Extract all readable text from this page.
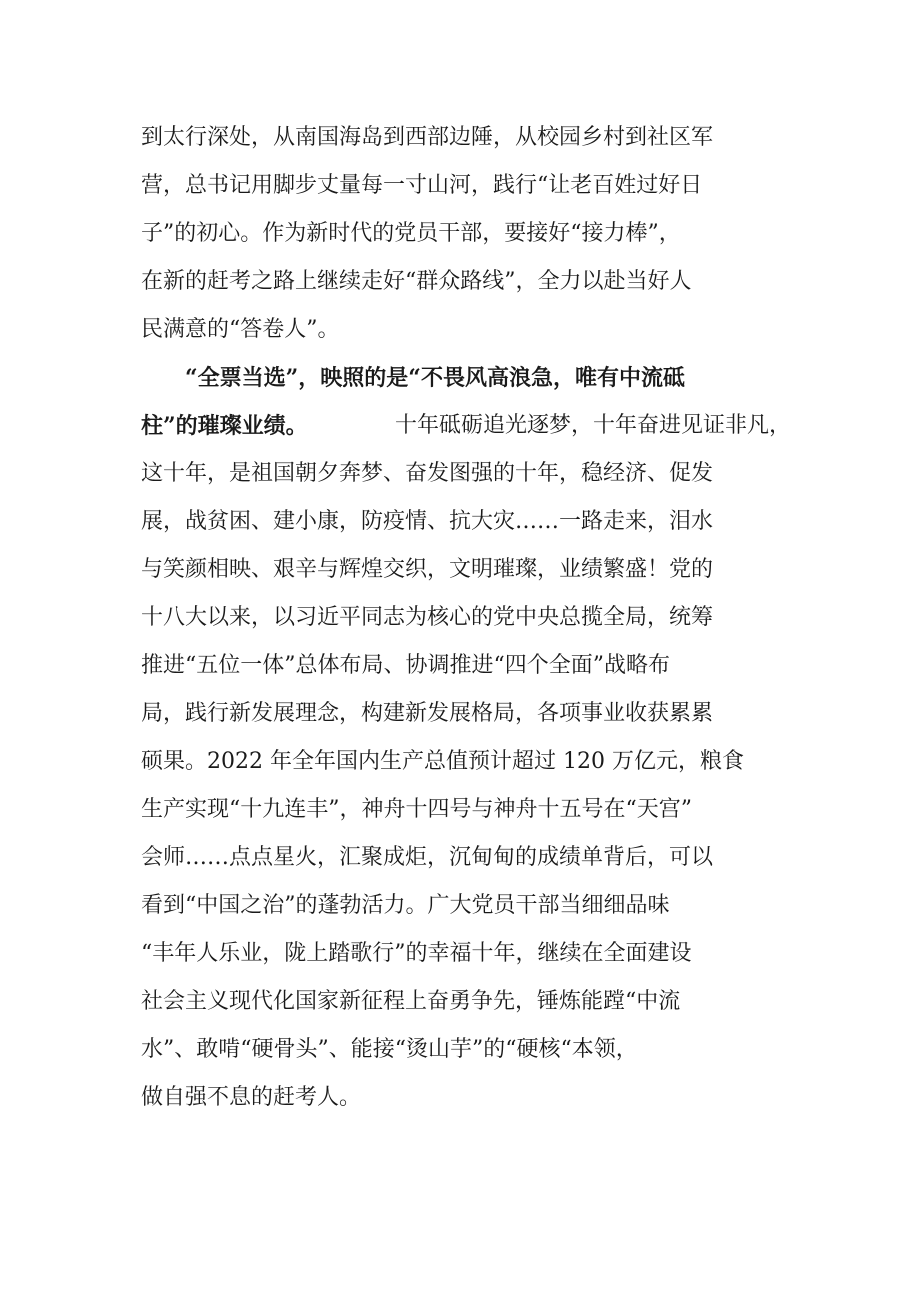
到太行深处，从南国海岛到西部边陲，从校园乡村到社区军
营，总书记用脚步丈量每一寸山河，践行“让老百姓过好日
子”的初心。作为新时代的党员干部，要接好“接力棒”，
在新的赶考之路上继续走好“群众路线”，全力以赴当好人
民满意的“答卷人”。
“全票当选”，映照的是“不畏风高浪急，唯有中流砥
柱”的璀璨业绩。	十年砥砺追光逐梦，十年奋进见证非凡，
这十年，是祖国朝夕奔梦、奋发图强的十年，稳经济、促发
展，战贫困、建小康，防疫情、抗大灾……一路走来，泪水
与笑颜相映、艰辛与辉煌交织，文明璀璨，业绩繁盛！党的
十八大以来，以习近平同志为核心的党中央总揽全局，统筹
推进“五位一体”总体布局、协调推进“四个全面”战略布
局，践行新发展理念，构建新发展格局，各项事业收获累累
硕果。2022 年全年国内生产总值预计超过 120 万亿元，粮食
生产实现“十九连丰”，神舟十四号与神舟十五号在“天宫”
会师……点点星火，汇聚成炬，沉甸甸的成绩单背后，可以
看到“中国之治”的蓬勃活力。广大党员干部当细细品味
“丰年人乐业，陇上踏歌行”的幸福十年，继续在全面建设
社会主义现代化国家新征程上奋勇争先，锤炼能蹚“中流
水”、敢啃“硬骨头”、能接“烫山芋”的“硬核“本领，
做自强不息的赶考人。
